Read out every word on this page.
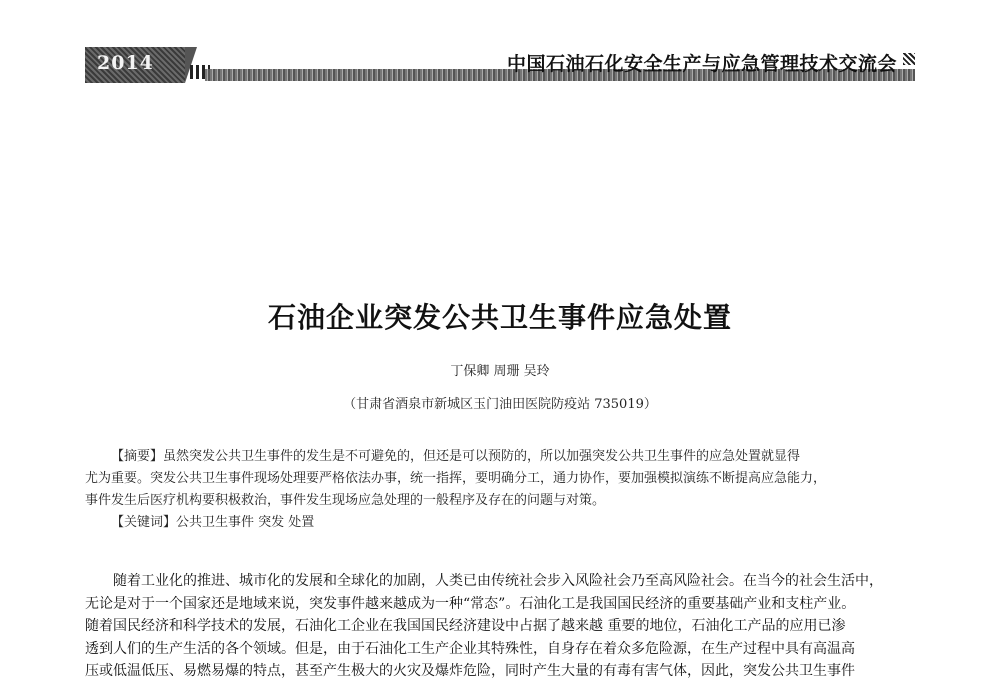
2014	中国石油石化安全生产与应急管理技术交流会
石油企业突发公共卫生事件应急处置
丁保卿 周珊 吴玲
（甘肃省酒泉市新城区玉门油田医院防疫站 735019）

【摘要】虽然突发公共卫生事件的发生是不可避免的，但还是可以预防的，所以加强突发公共卫生事件的应急处置就显得

尤为重要。突发公共卫生事件现场处理要严格依法办事，统一指挥，要明确分工，通力协作，要加强模拟演练不断提高应急能力，

事件发生后医疗机构要积极救治，事件发生现场应急处理的一般程序及存在的问题与对策。

【关键词】公共卫生事件 突发 处置

随着工业化的推进、城市化的发展和全球化的加剧，人类已由传统社会步入风险社会乃至高风险社会。在当今的社会生活中，

无论是对于一个国家还是地域来说，突发事件越来越成为一种“常态”。石油化工是我国国民经济的重要基础产业和支柱产业。

随着国民经济和科学技术的发展，石油化工企业在我国国民经济建设中占据了越来越 重要的地位，石油化工产品的应用已渗

透到人们的生产生活的各个领域。但是，由于石油化工生产企业其特殊性，自身存在着众多危险源，在生产过程中具有高温高

压或低温低压、易燃易爆的特点，甚至产生极大的火灾及爆炸危险，同时产生大量的有毒有害气体，因此，突发公共卫生事件
